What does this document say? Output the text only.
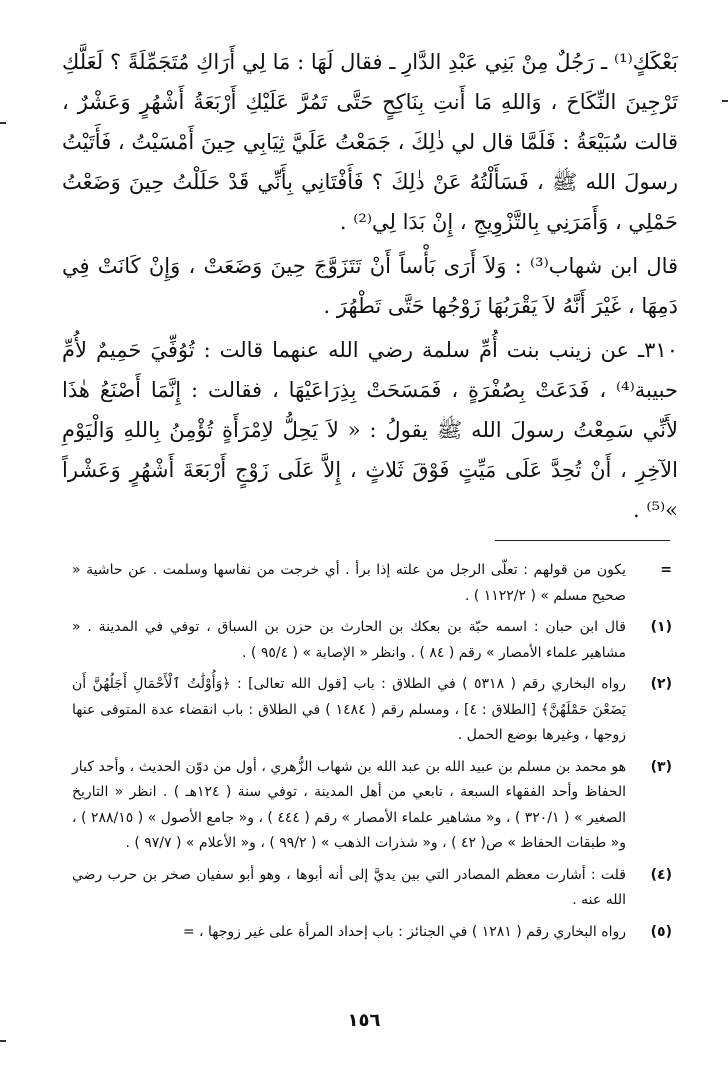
بَعْكَكٍ⁽¹⁾ ـ رَجُلٌ مِنْ بَنِي عَبْدِ الدَّارِ ـ فقال لَهَا : مَا لِي أَرَاكِ مُتَجَمِّلَةً ؟ لَعَلَّكِ تَرْجِينَ النِّكَاحَ ، وَاللهِ مَا أَنتِ بِنَاكِحٍ حَتَّى تَمُرَّ عَلَيْكِ أَرْبَعَةُ أَشْهُرٍ وَعَشْرٌ ، قالت سُبَيْعَةُ : فَلَمَّا قال لي ذٰلِكَ ، جَمَعْتُ عَلَيَّ ثِيَابِي حِينَ أَمْسَيْتُ ، فَأَتَيْتُ رسولَ الله ﷺ ، فَسَأَلْتُهُ عَنْ ذٰلِكَ ؟ فَأَفْتَانِي بِأَنِّي قَدْ حَلَلْتُ حِينَ وَضَعْتُ حَمْلِي ، وَأَمَرَنِي بِالتَّزْوِيجِ ، إِنْ بَدَا لِي⁽²⁾ .

قال ابن شهاب⁽³⁾ : وَلاَ أَرَى بَأْساً أَنْ تَتَزَوَّجَ حِينَ وَضَعَتْ ، وَإِنْ كَانَتْ فِي دَمِهَا ، غَيْرَ أَنَّهُ لاَ يَقْرَبُهَا زَوْجُها حَتَّى تَطْهُرَ .

٣١٠ـ عن زينب بنت أُمِّ سلمة رضي الله عنهما قالت : تُوُفِّيَ حَمِيمٌ لأُمِّ حبيبة⁽⁴⁾ ، فَدَعَتْ بِصُفْرَةٍ ، فَمَسَحَتْ بِذِرَاعَيْهَا ، فقالت : إِنَّمَا أَصْنَعُ هٰذَا لأَنِّي سَمِعْتُ رسولَ الله ﷺ يقولُ : « لاَ يَحِلُّ لاِمْرَأَةٍ تُؤْمِنُ بِاللهِ وَالْيَوْمِ الآخِرِ ، أَنْ تُحِدَّ عَلَى مَيِّتٍ فَوْقَ ثَلاثٍ ، إِلاَّ عَلَى زَوْجٍ أَرْبَعَةَ أَشْهُرٍ وَعَشْراً »⁽⁵⁾ .

=
يكون من قولهم : تعلّى الرجل من علته إذا برأ . أي خرجت من نفاسها وسلمت . عن حاشية « صحيح مسلم » ( ١١٢٢/٢ ) .
(١)
قال ابن حبان : اسمه حبّة بن بعكك بن الحارث بن حزن بن السباق ، توفي في المدينة . « مشاهير علماء الأمصار » رقم ( ٨٤ ) . وانظر « الإصابة » ( ٩٥/٤ ) .
(٢)
رواه البخاري رقم ( ٥٣١٨ ) في الطلاق : باب [قول الله تعالى] : ﴿وَأُوْلَٰتُ ٱلْأَحْمَالِ أَجَلُهُنَّ أَن يَضَعْنَ حَمْلَهُنَّ﴾ [الطلاق : ٤] ، ومسلم رقم ( ١٤٨٤ ) في الطلاق : باب انقضاء عدة المتوفى عنها زوجها ، وغيرها بوضع الحمل .
(٣)
هو محمد بن مسلم بن عبيد الله بن عبد الله بن شهاب الزُّهري ، أول من دوّن الحديث ، وأحد كبار الحفاظ وأحد الفقهاء السبعة ، تابعي من أهل المدينة ، توفي سنة ( ١٢٤هـ ) . انظر « التاريخ الصغير » ( ٣٢٠/١ ) ، و« مشاهير علماء الأمصار » رقم ( ٤٤٤ ) ، و« جامع الأصول » ( ٢٨٨/١٥ ) ، و« طبقات الحفاظ » ص( ٤٢ ) ، و« شذرات الذهب » ( ٩٩/٢ ) ، و« الأعلام » ( ٩٧/٧ ) .
(٤)
قلت : أشارت معظم المصادر التي بين يديَّ إلى أنه أبوها ، وهو أبو سفيان صخر بن حرب رضي الله عنه .
(٥)
رواه البخاري رقم ( ١٢٨١ ) في الجنائز : باب إحداد المرأة على غير زوجها ، =
١٥٦
